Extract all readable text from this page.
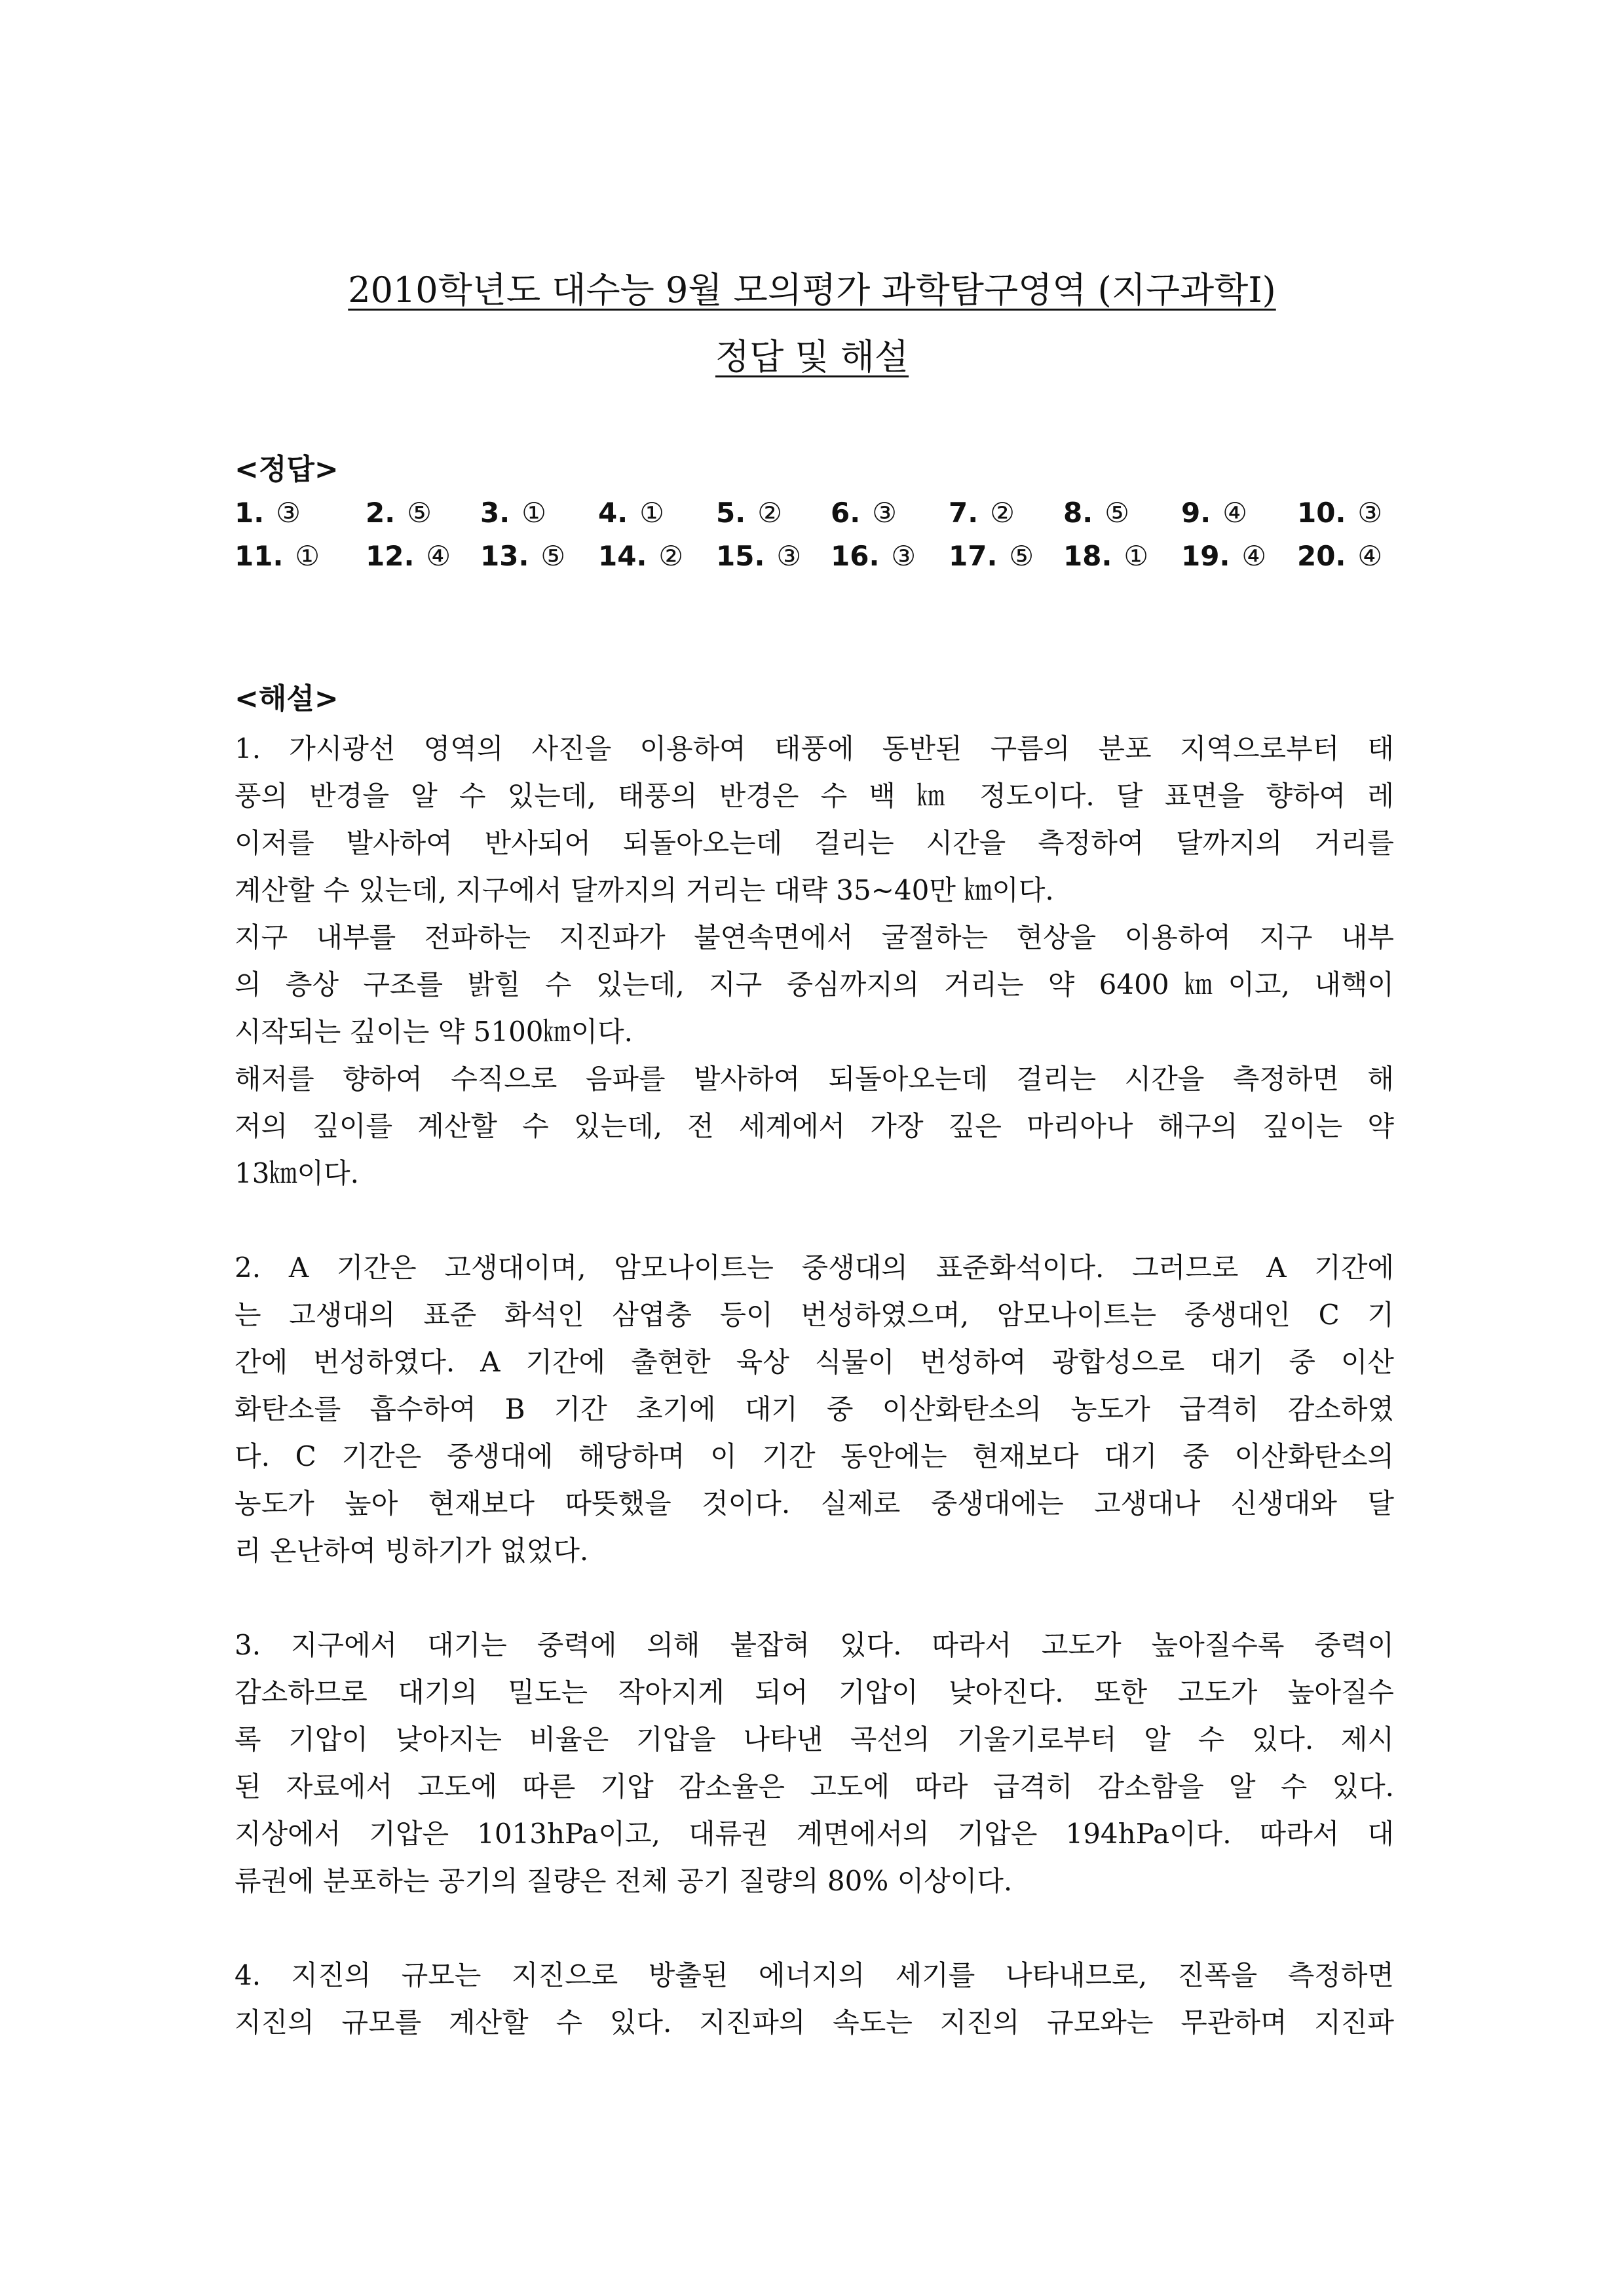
2010학년도 대수능 9월 모의평가 과학탐구영역 (지구과학Ⅰ)
정답 및 해설
<정답>
1. ③ 2. ⑤ 3. ① 4. ① 5. ② 6. ③ 7. ② 8. ⑤ 9. ④ 10. ③
11. ① 12. ④ 13. ⑤ 14. ② 15. ③ 16. ③ 17. ⑤ 18. ① 19. ④ 20. ④
<해설>
1. 가시광선 영역의 사진을 이용하여 태풍에 동반된 구름의 분포 지역으로부터 태
풍의 반경을 알 수 있는데, 태풍의 반경은 수 백 ㎞ 정도이다. 달 표면을 향하여 레
이저를 발사하여 반사되어 되돌아오는데 걸리는 시간을 측정하여 달까지의 거리를
계산할 수 있는데, 지구에서 달까지의 거리는 대략 35~40만 ㎞이다.
지구 내부를 전파하는 지진파가 불연속면에서 굴절하는 현상을 이용하여 지구 내부
의 층상 구조를 밝힐 수 있는데, 지구 중심까지의 거리는 약 6400㎞이고, 내핵이
시작되는 깊이는 약 5100㎞이다.
해저를 향하여 수직으로 음파를 발사하여 되돌아오는데 걸리는 시간을 측정하면 해
저의 깊이를 계산할 수 있는데, 전 세계에서 가장 깊은 마리아나 해구의 깊이는 약
13㎞이다.
2. A 기간은 고생대이며, 암모나이트는 중생대의 표준화석이다. 그러므로 A 기간에
는 고생대의 표준 화석인 삼엽충 등이 번성하였으며, 암모나이트는 중생대인 C 기
간에 번성하였다. A 기간에 출현한 육상 식물이 번성하여 광합성으로 대기 중 이산
화탄소를 흡수하여 B 기간 초기에 대기 중 이산화탄소의 농도가 급격히 감소하였
다. C 기간은 중생대에 해당하며 이 기간 동안에는 현재보다 대기 중 이산화탄소의
농도가 높아 현재보다 따뜻했을 것이다. 실제로 중생대에는 고생대나 신생대와 달
리 온난하여 빙하기가 없었다.
3. 지구에서 대기는 중력에 의해 붙잡혀 있다. 따라서 고도가 높아질수록 중력이
감소하므로 대기의 밀도는 작아지게 되어 기압이 낮아진다. 또한 고도가 높아질수
록 기압이 낮아지는 비율은 기압을 나타낸 곡선의 기울기로부터 알 수 있다. 제시
된 자료에서 고도에 따른 기압 감소율은 고도에 따라 급격히 감소함을 알 수 있다.
지상에서 기압은 1013hPa이고, 대류권 계면에서의 기압은 194hPa이다. 따라서 대
류권에 분포하는 공기의 질량은 전체 공기 질량의 80% 이상이다.
4. 지진의 규모는 지진으로 방출된 에너지의 세기를 나타내므로, 진폭을 측정하면
지진의 규모를 계산할 수 있다. 지진파의 속도는 지진의 규모와는 무관하며 지진파
